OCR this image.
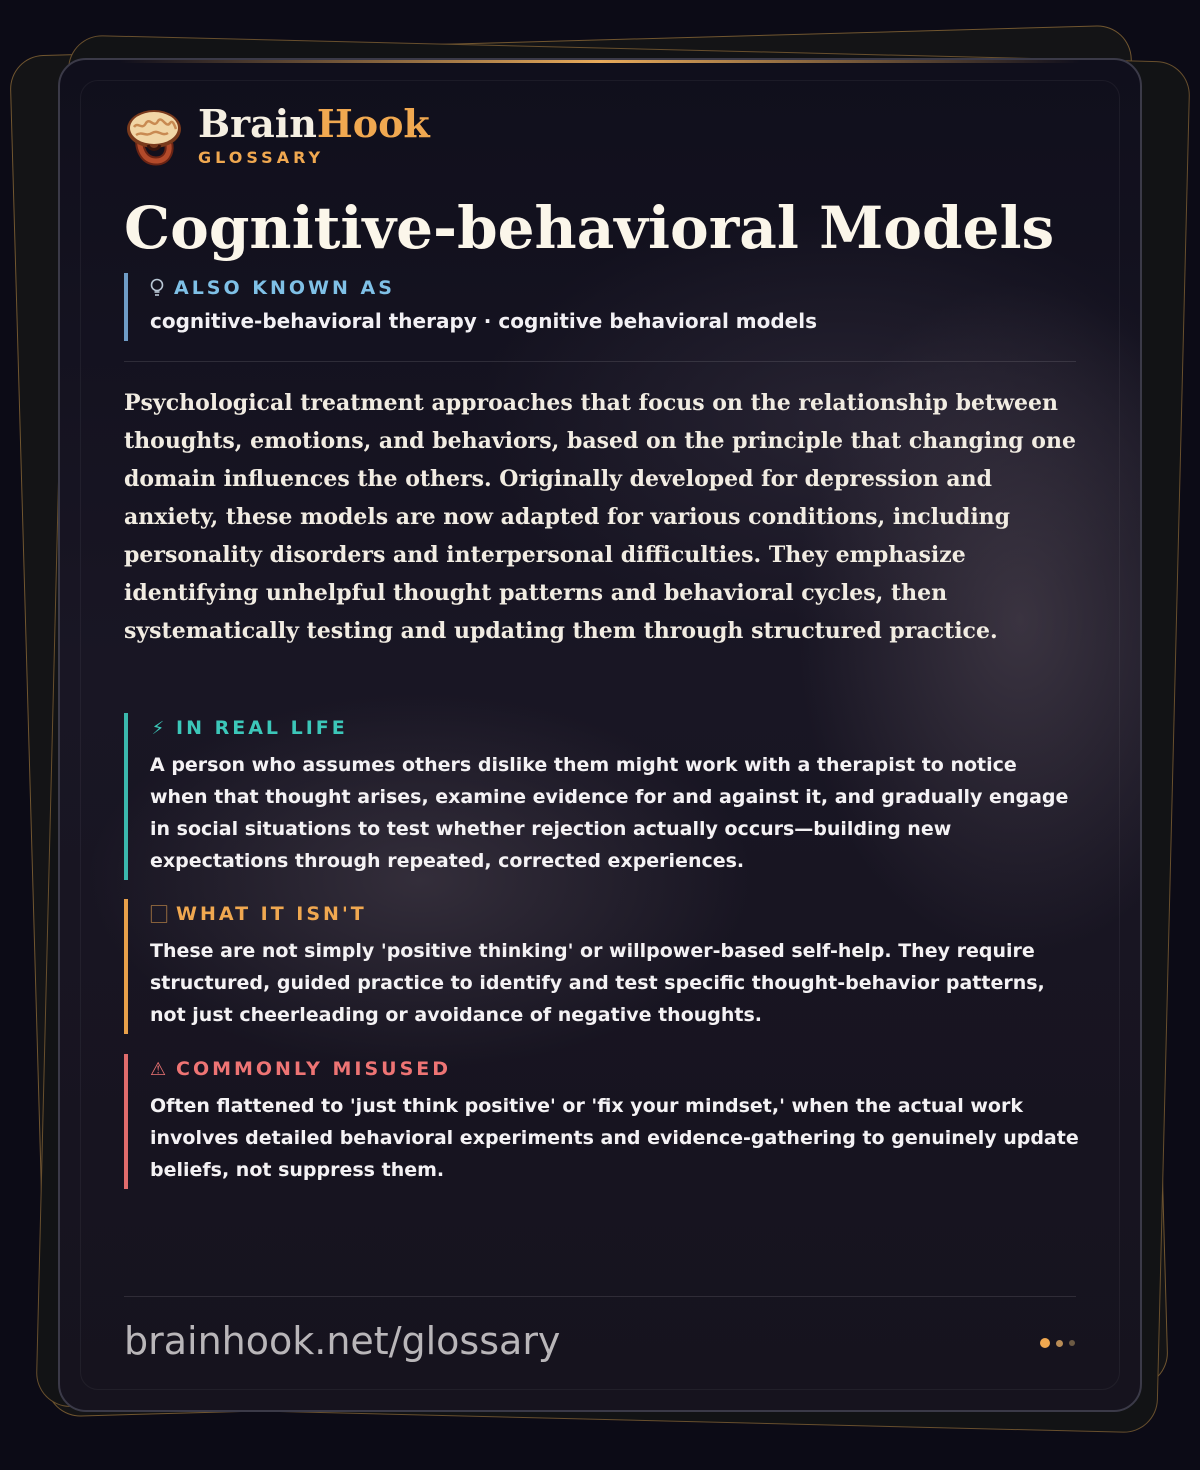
BrainHook
GLOSSARY
Cognitive-behavioral Models
ALSO KNOWN AS
cognitive-behavioral therapy · cognitive behavioral models

Psychological treatment approaches that focus on the relationship between thoughts, emotions, and behaviors, based on the principle that changing one domain influences the others. Originally developed for depression and anxiety, these models are now adapted for various conditions, including personality disorders and interpersonal difficulties. They emphasize identifying unhelpful thought patterns and behavioral cycles, then systematically testing and updating them through structured practice.

⚡ IN REAL LIFE
A person who assumes others dislike them might work with a therapist to notice when that thought arises, examine evidence for and against it, and gradually engage in social situations to test whether rejection actually occurs—building new expectations through repeated, corrected experiences.
⃞ WHAT IT ISN'T
These are not simply 'positive thinking' or willpower-based self-help. They require structured, guided practice to identify and test specific thought-behavior patterns, not just cheerleading or avoidance of negative thoughts.
⚠ COMMONLY MISUSED
Often flattened to 'just think positive' or 'fix your mindset,' when the actual work involves detailed behavioral experiments and evidence-gathering to genuinely update beliefs, not suppress them.
brainhook.net/glossary
